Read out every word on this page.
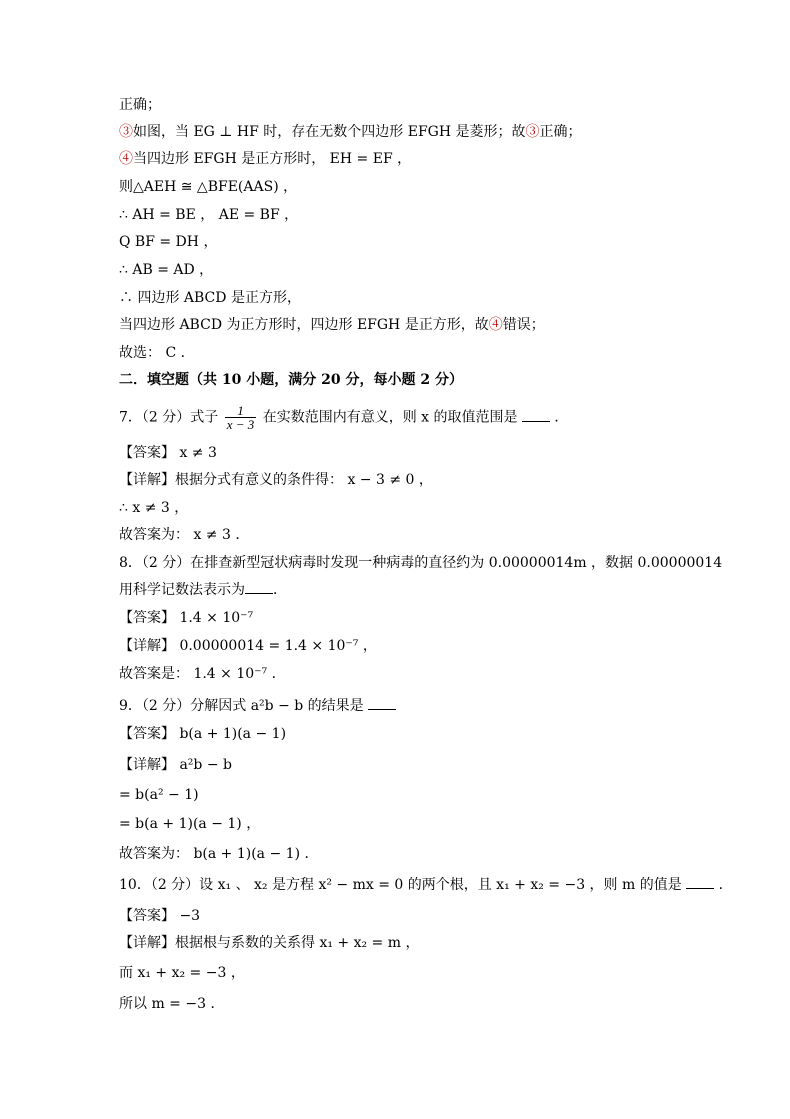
正确；
③如图，当 EG ⊥ HF 时，存在无数个四边形 EFGH 是菱形；故③正确；
④当四边形 EFGH 是正方形时， EH = EF ，
则△AEH ≅ △BFE(AAS) ，
∴ AH = BE ， AE = BF ，
Q BF = DH ，
∴ AB = AD ，
∴ 四边形 ABCD 是正方形，
当四边形 ABCD 为正方形时，四边形 EFGH 是正方形，故④错误；
故选： C ．
二．填空题（共 10 小题，满分 20 分，每小题 2 分）
7．（2 分）式子 $\frac{1}{x - 3}$ 在实数范围内有意义，则 x 的取值范围是  ．
【答案】 x ≠ 3
【详解】根据分式有意义的条件得： x − 3 ≠ 0 ，
∴ x ≠ 3 ，
故答案为： x ≠ 3 ．
8．（2 分）在排查新型冠状病毒时发现一种病毒的直径约为 0.00000014m ，数据 0.00000014
用科学记数法表示为 ．
【答案】 1.4 × 10⁻⁷
【详解】 0.00000014 = 1.4 × 10⁻⁷ ，
故答案是： 1.4 × 10⁻⁷ ．
9．（2 分）分解因式 a²b − b 的结果是
【答案】 b(a + 1)(a − 1)
【详解】 a²b − b
= b(a² − 1)
= b(a + 1)(a − 1) ，
故答案为： b(a + 1)(a − 1) ．
10．（2 分）设 x₁ 、 x₂ 是方程 x² − mx = 0 的两个根，且 x₁ + x₂ = −3 ，则 m 的值是  ．
【答案】 −3
【详解】根据根与系数的关系得 x₁ + x₂ = m ，
而 x₁ + x₂ = −3 ，
所以 m = −3 ．
